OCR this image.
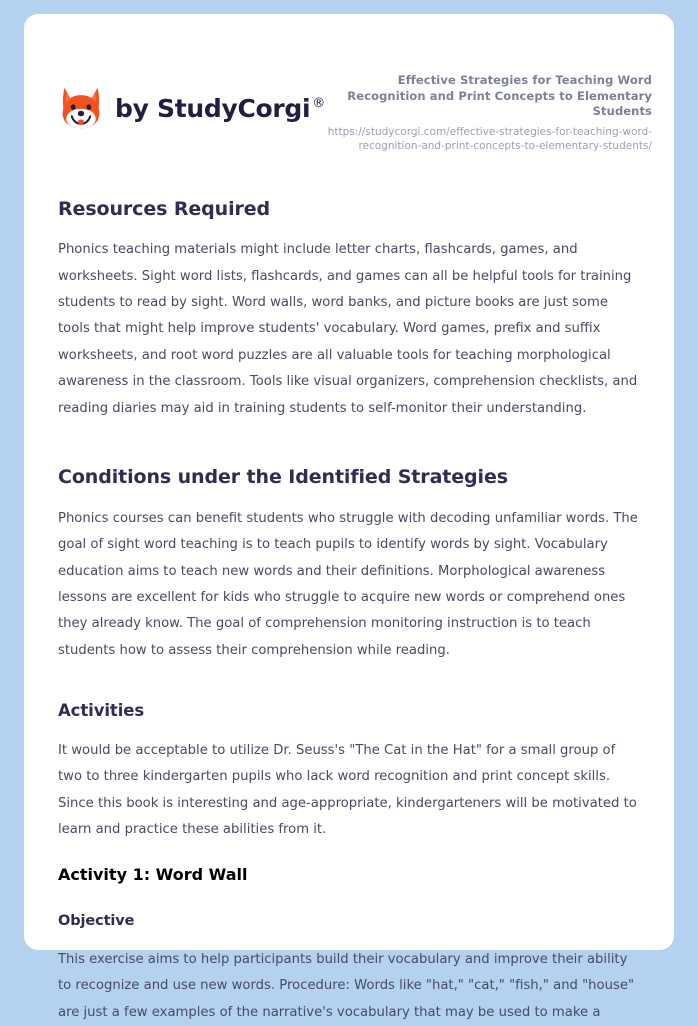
by StudyCorgi ®

Effective Strategies for Teaching Word Recognition and Print Concepts to Elementary Students

https://studycorgi.com/effective-strategies-for-teaching-word-recognition-and-print-concepts-to-elementary-students/

Resources Required

Phonics teaching materials might include letter charts, flashcards, games, and worksheets. Sight word lists, flashcards, and games can all be helpful tools for training students to read by sight. Word walls, word banks, and picture books are just some tools that might help improve students' vocabulary. Word games, prefix and suffix worksheets, and root word puzzles are all valuable tools for teaching morphological awareness in the classroom. Tools like visual organizers, comprehension checklists, and reading diaries may aid in training students to self-monitor their understanding.

Conditions under the Identified Strategies

Phonics courses can benefit students who struggle with decoding unfamiliar words. The goal of sight word teaching is to teach pupils to identify words by sight. Vocabulary education aims to teach new words and their definitions. Morphological awareness lessons are excellent for kids who struggle to acquire new words or comprehend ones they already know. The goal of comprehension monitoring instruction is to teach students how to assess their comprehension while reading.

Activities

It would be acceptable to utilize Dr. Seuss's "The Cat in the Hat" for a small group of two to three kindergarten pupils who lack word recognition and print concept skills. Since this book is interesting and age-appropriate, kindergarteners will be motivated to learn and practice these abilities from it.

Activity 1: Word Wall
Objective

This exercise aims to help participants build their vocabulary and improve their ability to recognize and use new words. Procedure: Words like "hat," "cat," "fish," and "house" are just a few examples of the narrative's vocabulary that may be used to make a
